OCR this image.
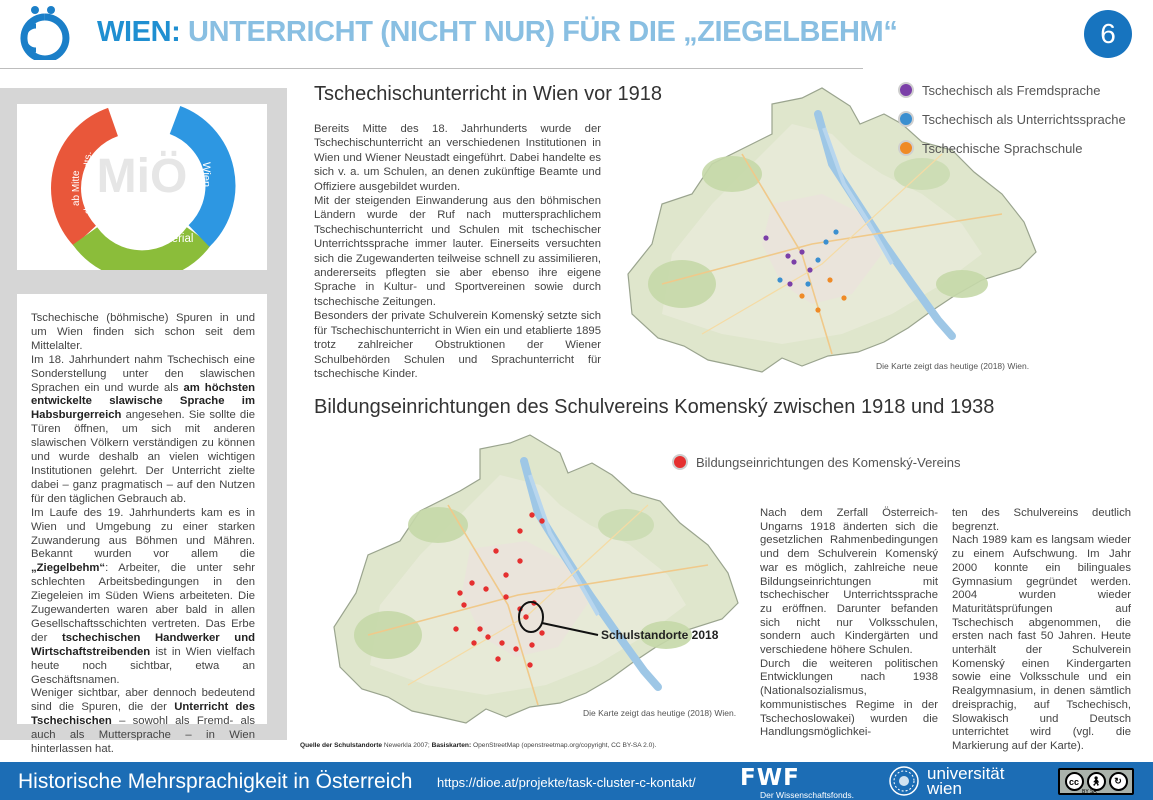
WIEN: UNTERRICHT (NICHT NUR) FÜR DIE „ZIEGELBEHM“	6
MiÖ
ab Mitte des 18. Jhdts.	Wien
Archivmaterial

Tschechische (böhmische) Spuren in und um Wien finden sich schon seit dem Mittelalter.

Im 18. Jahrhundert nahm Tschechisch eine Sonderstellung unter den slawischen Sprachen ein und wurde als am höchsten entwickelte slawische Sprache im Habsburgerreich angesehen. Sie sollte die Türen öffnen, um sich mit anderen slawischen Völkern verständigen zu können und wurde deshalb an vielen wichtigen Institutionen gelehrt. Der Unterricht zielte dabei – ganz pragmatisch – auf den Nutzen für den täglichen Gebrauch ab.

Im Laufe des 19. Jahrhunderts kam es in Wien und Umgebung zu einer starken Zuwanderung aus Böhmen und Mähren. Bekannt wurden vor allem die „Ziegelbehm“: Arbeiter, die unter sehr schlechten Arbeitsbedingungen in den Ziegeleien im Süden Wiens arbeiteten. Die Zugewanderten waren aber bald in allen Gesellschaftsschichten vertreten. Das Erbe der tschechischen Handwerker und Wirtschaftstreibenden ist in Wien vielfach heute noch sichtbar, etwa an Geschäftsnamen.

Weniger sichtbar, aber dennoch bedeutend sind die Spuren, die der Unterricht des Tschechischen – sowohl als Fremd- als auch als Muttersprache – in Wien hinterlassen hat.

Tschechischunterricht in Wien vor 1918

Bereits Mitte des 18. Jahrhunderts wurde der Tschechischunterricht an verschiedenen Institutionen in Wien und Wiener Neustadt eingeführt. Dabei handelte es sich v. a. um Schulen, an denen zukünftige Beamte und Offiziere ausgebildet wurden.

Mit der steigenden Einwanderung aus den böhmischen Ländern wurde der Ruf nach muttersprachlichem Tschechischunterricht und Schulen mit tschechischer Unterrichtssprache immer lauter. Einerseits versuchten sich die Zugewanderten teilweise schnell zu assimilieren, andererseits pflegten sie aber ebenso ihre eigene Sprache in Kultur- und Sportvereinen sowie durch tschechische Zeitungen.

Besonders der private Schulverein Komenský setzte sich für Tschechischunterricht in Wien ein und etablierte 1895 trotz zahlreicher Obstruktionen der Wiener Schulbehörden Schulen und Sprachunterricht für tschechische Kinder.

Die Karte zeigt das heutige (2018) Wien.
Tschechisch als Fremdsprache
Tschechisch als Unterrichtssprache
Tschechische Sprachschule
Bildungseinrichtungen des Schulvereins Komenský zwischen 1918 und 1938
Bildungseinrichtungen des Komenský-Vereins
Schulstandorte 2018
Die Karte zeigt das heutige (2018) Wien.

Nach dem Zerfall Österreich-Ungarns 1918 änderten sich die gesetzlichen Rahmenbedingungen und dem Schulverein Komenský war es möglich, zahlreiche neue Bildungseinrichtungen mit tschechischer Unterrichtssprache zu eröffnen. Darunter befanden sich nicht nur Volksschulen, sondern auch Kindergärten und verschiedene höhere Schulen.

Durch die weiteren politischen Entwicklungen nach 1938 (Nationalsozialismus, kommunistisches Regime in der Tschechoslowakei) wurden die Handlungsmöglichkei-

ten des Schulvereins deutlich begrenzt.

Nach 1989 kam es langsam wieder zu einem Aufschwung. Im Jahr 2000 konnte ein bilinguales Gymnasium gegründet werden. 2004 wurden wieder Maturitätsprüfungen auf Tschechisch abgenommen, die ersten nach fast 50 Jahren. Heute unterhält der Schulverein Komenský einen Kindergarten sowie eine Volksschule und ein Realgymnasium, in denen sämtlich dreisprachig, auf Tschechisch, Slowakisch und Deutsch unterrichtet wird (vgl. die Markierung auf der Karte).

Quelle der Schulstandorte Newerkla 2007; Basiskarten: OpenStreetMap (openstreetmap.org/copyright, CC BY-SA 2.0).
Historische Mehrsprachigkeit in Österreich https://dioe.at/projekte/task-cluster-c-kontakt/ FWF
Der Wissenschaftsfonds.
universität
wien	cc	🚶︎	↻
BY SA
